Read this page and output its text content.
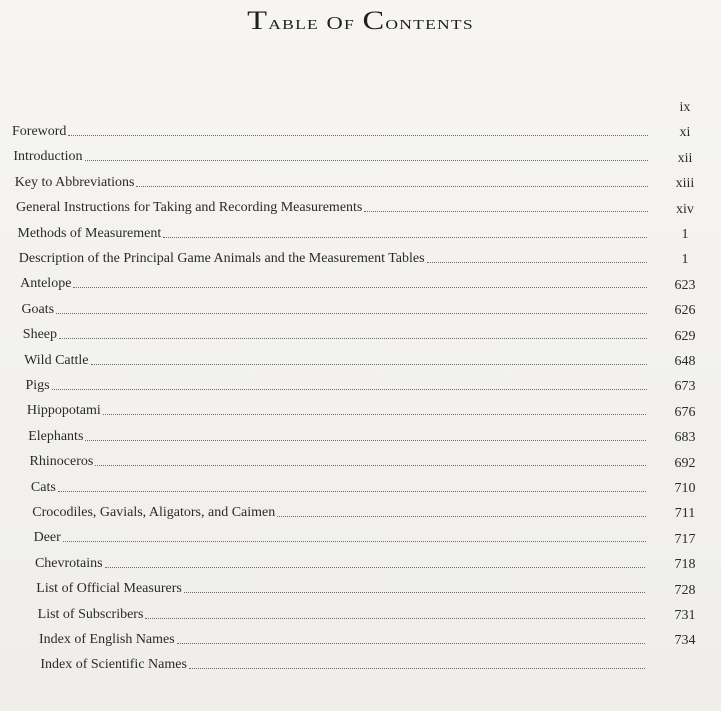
Table of Contents
Foreword
ix
Introduction
xi
Key to Abbreviations
xii
General Instructions for Taking and Recording Measurements
xiii
Methods of Measurement
xiv
Description of the Principal Game Animals and the Measurement Tables
1
Antelope
1
Goats
623
Sheep
626
Wild Cattle
629
Pigs
648
Hippopotami
673
Elephants
676
Rhinoceros
683
Cats
692
Crocodiles, Gavials, Aligators, and Caimen
710
Deer
711
Chevrotains
717
List of Official Measurers
718
List of Subscribers
728
Index of English Names
731
Index of Scientific Names
734
